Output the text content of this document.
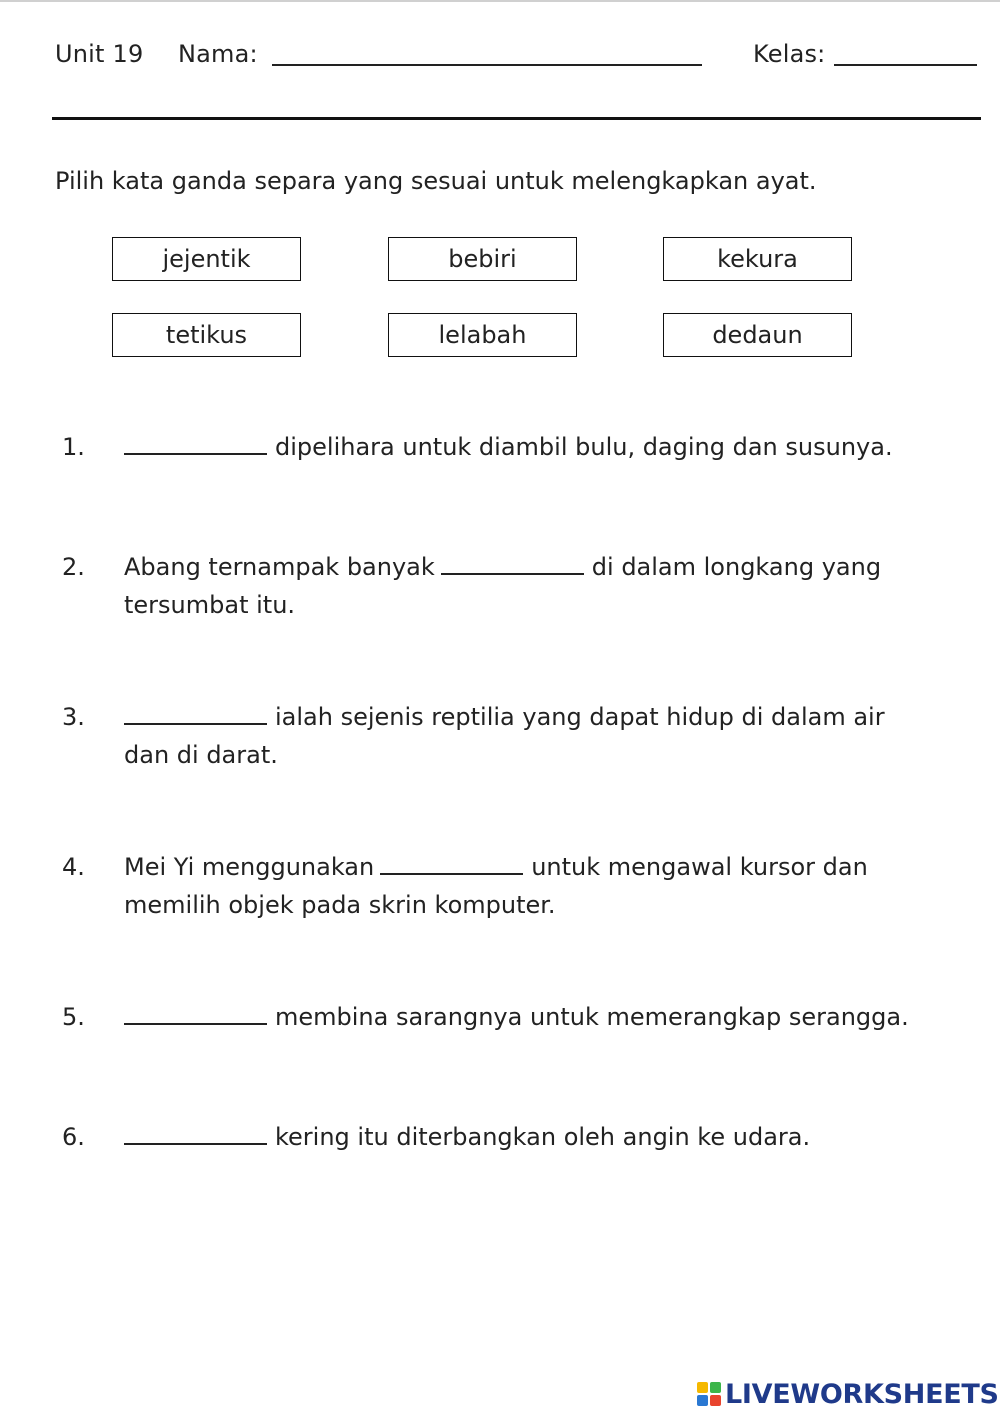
Unit 19 Nama:	Kelas:
Pilih kata ganda separa yang sesuai untuk melengkapkan ayat.
jejentik	bebiri	kekura
tetikus	lelabah	dedaun
1.	dipelihara untuk diambil bulu, daging dan susunya.
2. Abang ternampak banyak	di dalam longkang yang
tersumbat itu.
3.	ialah sejenis reptilia yang dapat hidup di dalam air
dan di darat.
4. Mei Yi menggunakan	untuk mengawal kursor dan
memilih objek pada skrin komputer.
5.	membina sarangnya untuk memerangkap serangga.
6.	kering itu diterbangkan oleh angin ke udara.
LIVEWORKSHEETS
